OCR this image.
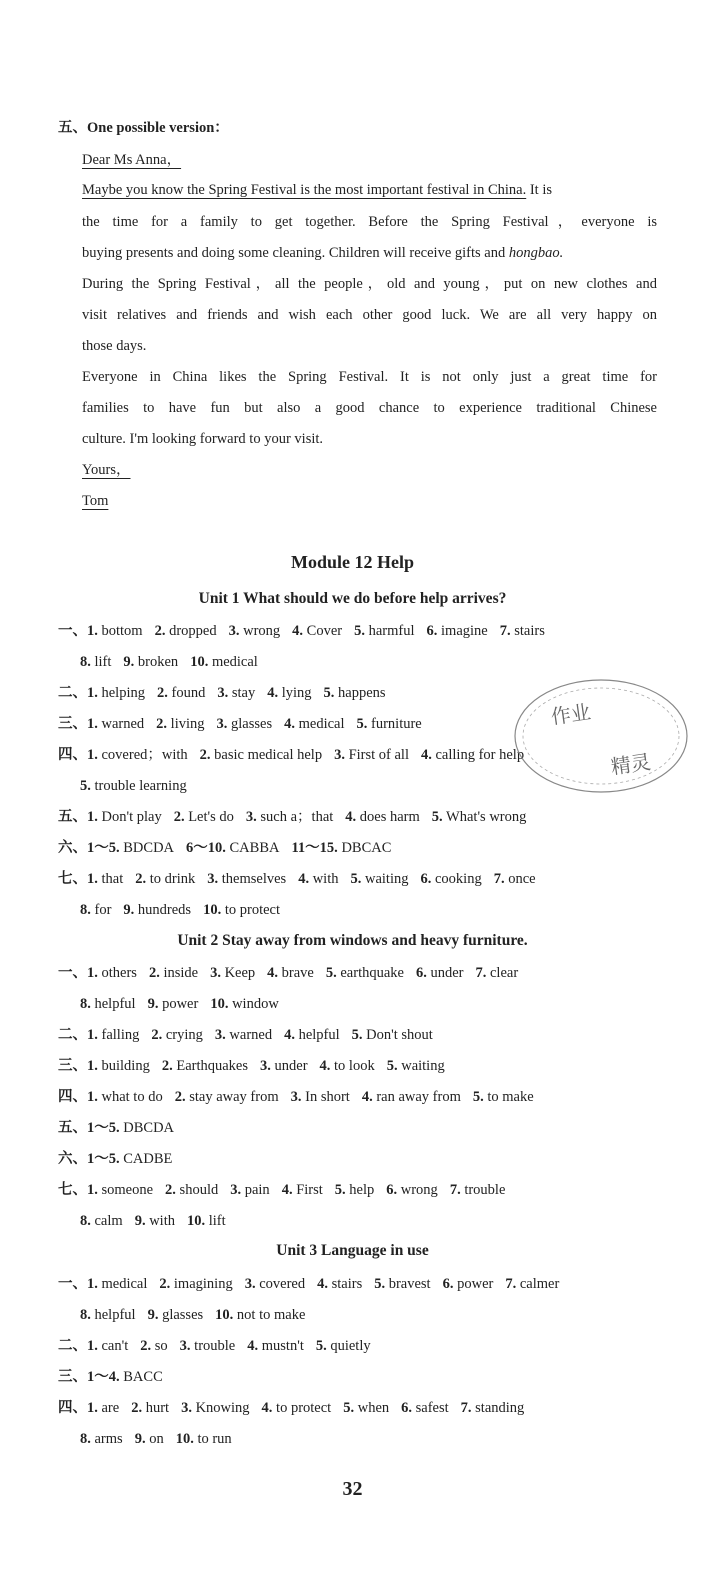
五、One possible version：
Dear Ms Anna，
Maybe you know the Spring Festival is the most important festival in China. It is
the time for a family to get together. Before the Spring Festival，everyone is
buying presents and doing some cleaning. Children will receive gifts and hongbao.
During the Spring Festival，all the people，old and young，put on new clothes and
visit relatives and friends and wish each other good luck. We are all very happy on
those days.
Everyone in China likes the Spring Festival. It is not only just a great time for
families to have fun but also a good chance to experience traditional Chinese
culture. I'm looking forward to your visit.
Yours，
Tom
Module 12 Help
Unit 1 What should we do before help arrives?
一、1. bottom 2. dropped 3. wrong 4. Cover 5. harmful 6. imagine 7. stairs
8. lift 9. broken 10. medical
二、1. helping 2. found 3. stay 4. lying 5. happens
三、1. warned 2. living 3. glasses 4. medical 5. furniture
四、1. covered；with 2. basic medical help 3. First of all 4. calling for help
5. trouble learning
五、1. Don't play 2. Let's do 3. such a；that 4. does harm 5. What's wrong
六、1～5. BDCDA 6～10. CABBA 11～15. DBCAC
七、1. that 2. to drink 3. themselves 4. with 5. waiting 6. cooking 7. once
8. for 9. hundreds 10. to protect
Unit 2 Stay away from windows and heavy furniture.
一、1. others 2. inside 3. Keep 4. brave 5. earthquake 6. under 7. clear
8. helpful 9. power 10. window
二、1. falling 2. crying 3. warned 4. helpful 5. Don't shout
三、1. building 2. Earthquakes 3. under 4. to look 5. waiting
四、1. what to do 2. stay away from 3. In short 4. ran away from 5. to make
五、1～5. DBCDA
六、1～5. CADBE
七、1. someone 2. should 3. pain 4. First 5. help 6. wrong 7. trouble
8. calm 9. with 10. lift
Unit 3 Language in use
一、1. medical 2. imagining 3. covered 4. stairs 5. bravest 6. power 7. calmer
8. helpful 9. glasses 10. not to make
二、1. can't 2. so 3. trouble 4. mustn't 5. quietly
三、1～4. BACC
四、1. are 2. hurt 3. Knowing 4. to protect 5. when 6. safest 7. standing
8. arms 9. on 10. to run
作业
精灵
32
